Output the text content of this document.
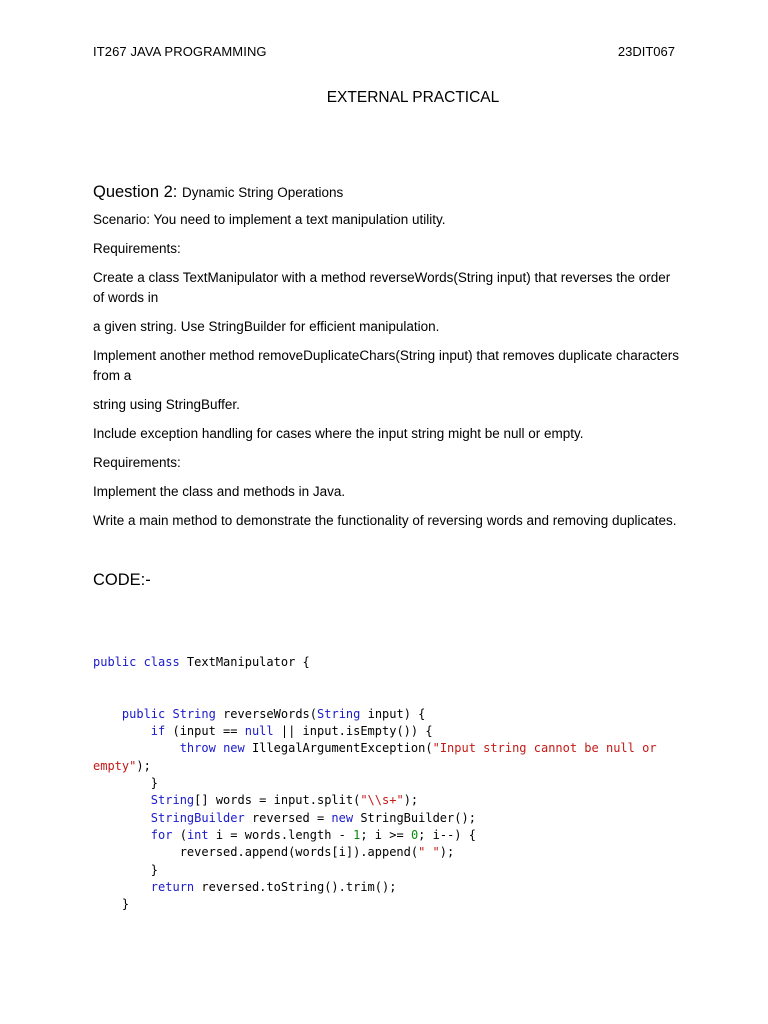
IT267 JAVA PROGRAMMING	23DIT067
EXTERNAL PRACTICAL
Question 2: Dynamic String Operations

Scenario: You need to implement a text manipulation utility.

Requirements:

Create a class TextManipulator with a method reverseWords(String input) that reverses the order of words in

a given string. Use StringBuilder for efficient manipulation.

Implement another method removeDuplicateChars(String input) that removes duplicate characters from a

string using StringBuffer.

Include exception handling for cases where the input string might be null or empty.

Requirements:

Implement the class and methods in Java.

Write a main method to demonstrate the functionality of reversing words and removing duplicates.

CODE:-
public class TextManipulator {

public String reverseWords(String input) {
if (input == null || input.isEmpty()) {
throw new IllegalArgumentException("Input string cannot be null or
empty");
}
String[] words = input.split("\\s+");
StringBuilder reversed = new StringBuilder();
for (int i = words.length - 1; i >= 0; i--) {
reversed.append(words[i]).append(" ");
}
return reversed.toString().trim();
}
